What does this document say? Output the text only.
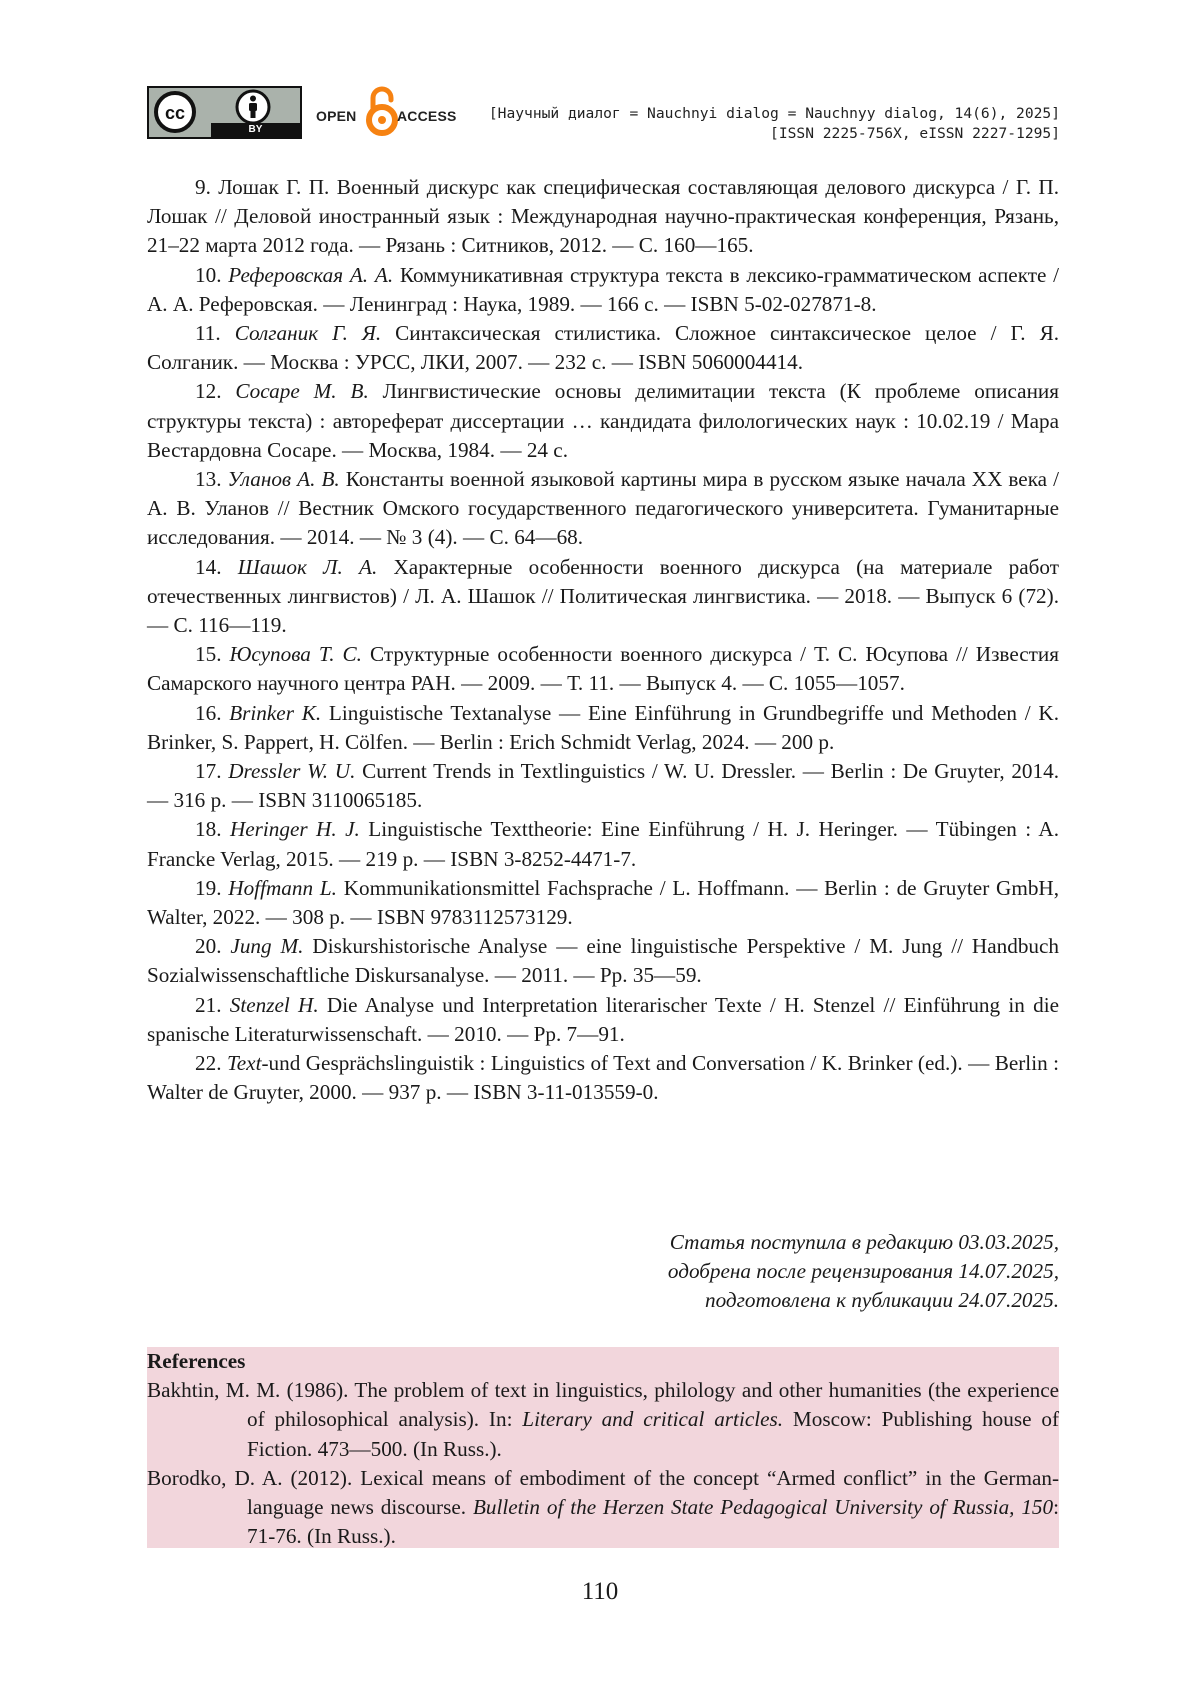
cc
BY
OPEN	ACCESS [Научный диалог = Nauchnyi dialog = Nauchnyy dialog, 14(6), 2025]
[ISSN 2225-756X, eISSN 2227-1295]

9. Лошак Г. П. Военный дискурс как специфическая составляющая делового дискурса / Г. П. Лошак // Деловой иностранный язык : Международная научно-практическая конференция, Рязань, 21–22 марта 2012 года. — Рязань : Ситников, 2012. — С. 160—165.

10. Реферовская А. А. Коммуникативная структура текста в лексико-грамматическом аспекте / А. А. Реферовская. — Ленинград : Наука, 1989. — 166 с. — ISBN 5-02-027871-8.

11. Солганик Г. Я. Синтаксическая стилистика. Сложное синтаксическое целое / Г. Я. Солганик. — Москва : УРСС, ЛКИ, 2007. — 232 с. — ISBN 5060004414.

12. Сосаре М. В. Лингвистические основы делимитации текста (К проблеме описания структуры текста) : автореферат диссертации … кандидата филологических наук : 10.02.19 / Мара Вестардовна Сосаре. — Москва, 1984. — 24 с.

13. Уланов А. В. Константы военной языковой картины мира в русском языке начала XX века / А. В. Уланов // Вестник Омского государственного педагогического университета. Гуманитарные исследования. — 2014. — № 3 (4). — С. 64—68.

14. Шашок Л. А. Характерные особенности военного дискурса (на материале работ отечественных лингвистов) / Л. А. Шашок // Политическая лингвистика. — 2018. — Выпуск 6 (72). — С. 116—119.

15. Юсупова Т. С. Структурные особенности военного дискурса / Т. С. Юсупова // Известия Самарского научного центра РАН. — 2009. — Т. 11. — Выпуск 4. — С. 1055—1057.

16. Brinker K. Linguistische Textanalyse — Eine Einführung in Grundbegriffe und Methoden / K. Brinker, S. Pappert, H. Cölfen. — Berlin : Erich Schmidt Verlag, 2024. — 200 p.

17. Dressler W. U. Current Trends in Textlinguistics / W. U. Dressler. — Berlin : De Gruyter, 2014. — 316 p. — ISBN 3110065185.

18. Heringer H. J. Linguistische Texttheorie: Eine Einführung / H. J. Heringer. — Tübingen : A. Francke Verlag, 2015. — 219 p. — ISBN 3-8252-4471-7.

19. Hoffmann L. Kommunikationsmittel Fachsprache / L. Hoffmann. — Berlin : de Gruyter GmbH, Walter, 2022. — 308 p. — ISBN 9783112573129.

20. Jung M. Diskurshistorische Analyse — eine linguistische Perspektive / M. Jung // Handbuch Sozialwissenschaftliche Diskursanalyse. — 2011. — Pp. 35—59.

21. Stenzel H. Die Analyse und Interpretation literarischer Texte / H. Stenzel // Einführung in die spanische Literaturwissenschaft. — 2010. — Pp. 7—91.

22. Text-und Gesprächslinguistik : Linguistics of Text and Conversation / K. Brinker (ed.). — Berlin : Walter de Gruyter, 2000. — 937 p. — ISBN 3-11-013559-0.

Статья поступила в редакцию 03.03.2025,
одобрена после рецензирования 14.07.2025,
подготовлена к публикации 24.07.2025.
References

Bakhtin, M. M. (1986). The problem of text in linguistics, philology and other humanities (the experience of philosophical analysis). In: Literary and critical articles. Moscow: Publishing house of Fiction. 473—500. (In Russ.).

Borodko, D. A. (2012). Lexical means of embodiment of the concept “Armed conflict” in the German-language news discourse. Bulletin of the Herzen State Pedagogical University of Russia, 150: 71-76. (In Russ.).

110
